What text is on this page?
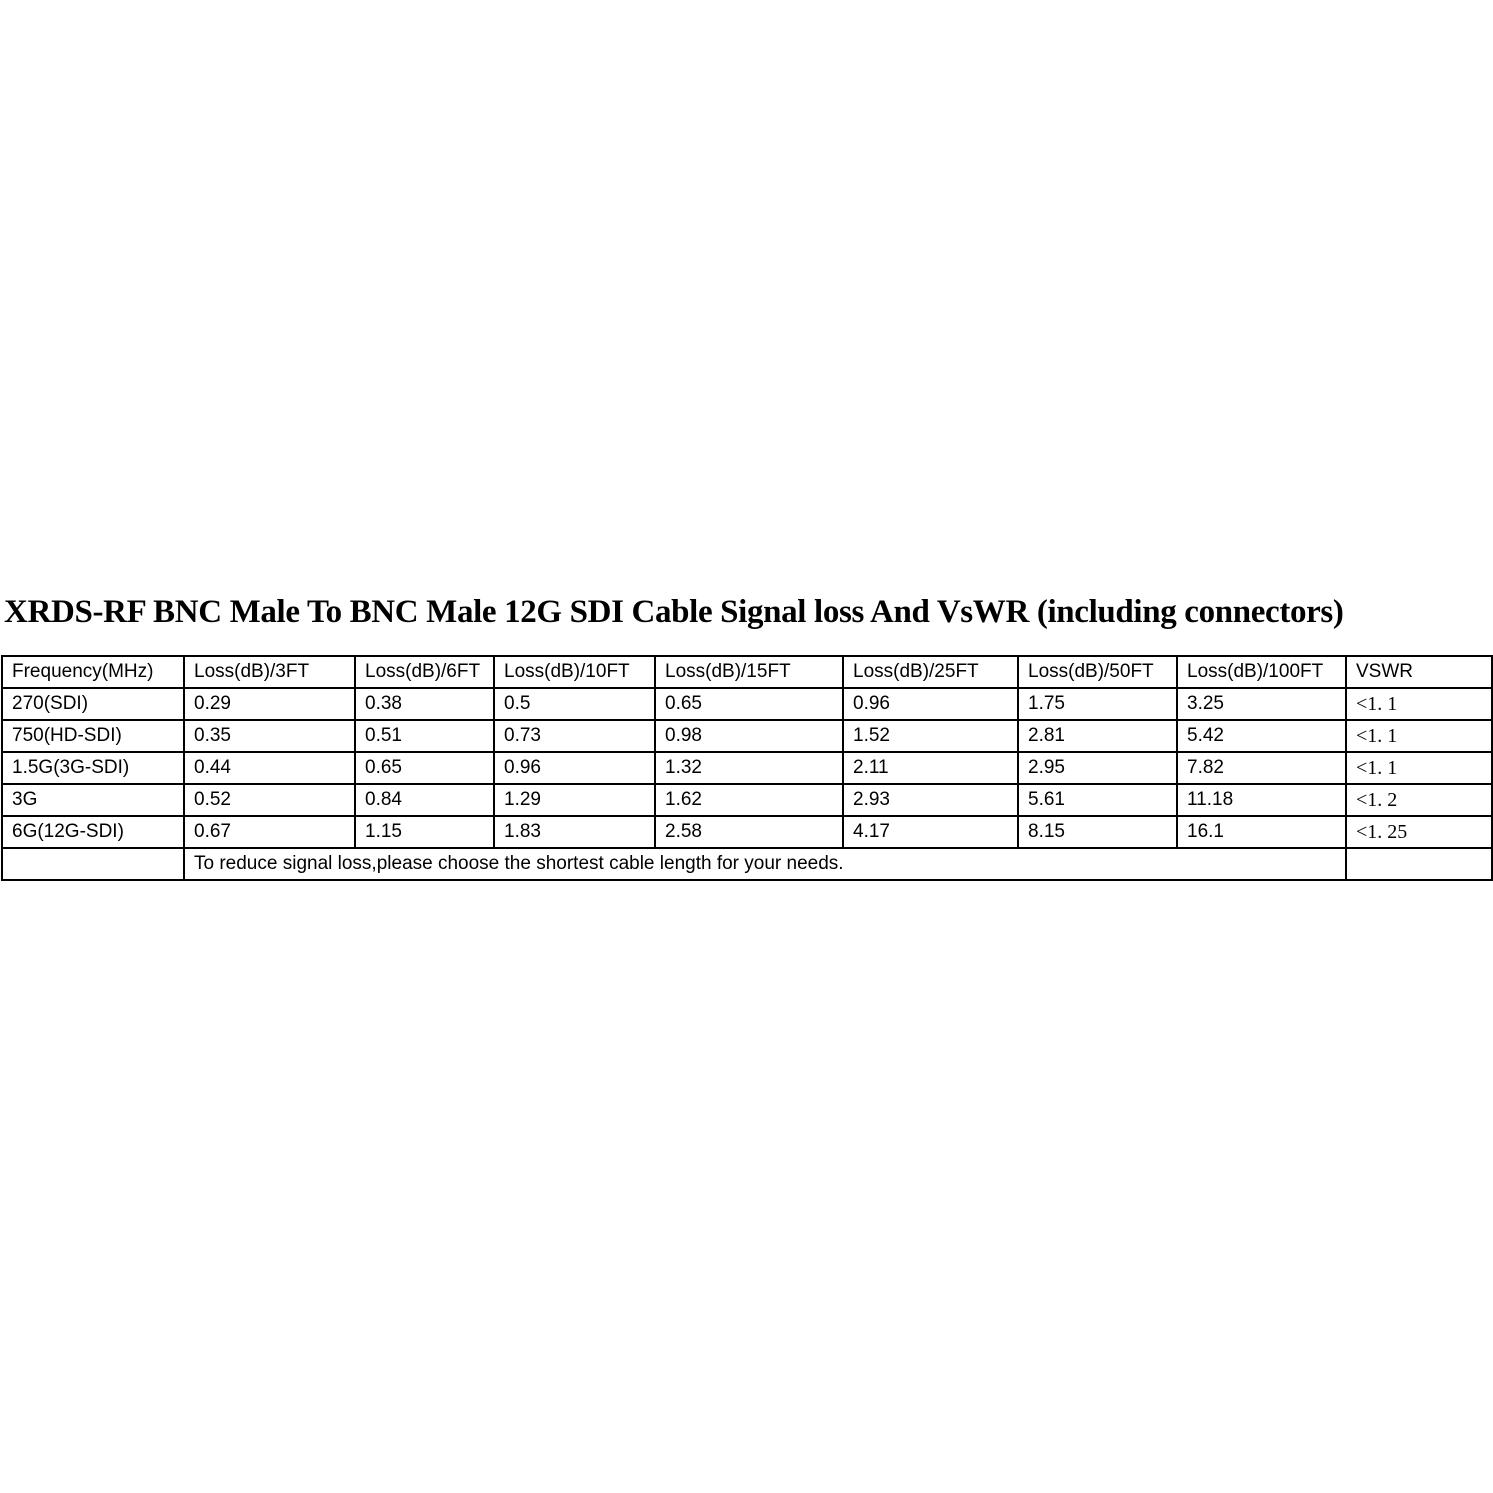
XRDS-RF BNC Male To BNC Male 12G SDI Cable Signal loss And VsWR (including connectors)
Frequency(MHz)	Loss(dB)/3FT	Loss(dB)/6FT	Loss(dB)/10FT	Loss(dB)/15FT	Loss(dB)/25FT	Loss(dB)/50FT	Loss(dB)/100FT	VSWR
270(SDI)	0.29	0.38	0.5	0.65	0.96	1.75	3.25	<1. 1
750(HD-SDI)	0.35	0.51	0.73	0.98	1.52	2.81	5.42	<1. 1
1.5G(3G-SDI)	0.44	0.65	0.96	1.32	2.11	2.95	7.82	<1. 1
3G	0.52	0.84	1.29	1.62	2.93	5.61	11.18	<1. 2
6G(12G-SDI)	0.67	1.15	1.83	2.58	4.17	8.15	16.1	<1. 25
	To reduce signal loss,please choose the shortest cable length for your needs.							
